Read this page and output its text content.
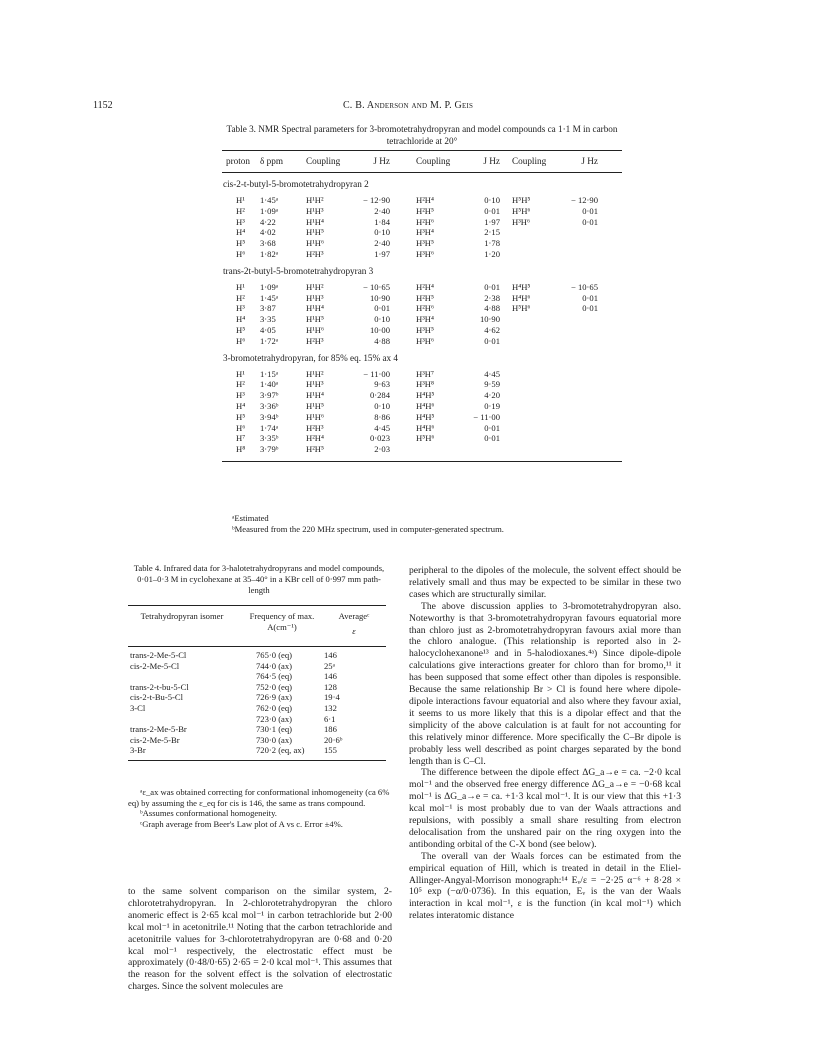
1152	C. B. Anderson and M. P. Geis
Table 3. NMR Spectral parameters for 3-bromotetrahydropyran and model compounds ca 1·1 M in carbon tetrachloride at 20°
proton	δ ppm	Coupling	J Hz	Coupling	J Hz Coupling	J Hz
cis-2-t-butyl-5-bromotetrahydropyran 2
H¹	1·45ᵃ	H¹H²	− 12·90	H²H⁴	0·10 H⁵H⁵	− 12·90
H²	1·09ᵃ	H¹H³	2·40	H²H⁵	0·01 H⁵H⁶	0·01
H³	4·22	H¹H⁴	1·84	H²H⁶	1·97 H³H⁶	0·01
H⁴	4·02	H¹H⁵	0·10	H³H⁴	2·15
H⁵	3·68	H¹H⁶	2·40	H³H⁵	1·78
H⁶	1·82ᵃ	H²H³	1·97	H³H⁶	1·20
trans-2t-butyl-5-bromotetrahydropyran 3
H¹	1·09ᵃ	H¹H²	− 10·65	H²H⁴	0·01 H⁴H⁵	− 10·65
H²	1·45ᵃ	H¹H³	10·90	H²H⁵	2·38 H⁴H⁶	0·01
H³	3·87	H¹H⁴	0·01	H²H⁶	4·88 H⁵H⁶	0·01
H⁴	3·35	H¹H⁵	0·10	H³H⁴	10·90
H⁵	4·05	H¹H⁶	10·00	H³H⁵	4·62
H⁶	1·72ᵃ	H²H³	4·88	H³H⁶	0·01
3-bromotetrahydropyran, for 85% eq. 15% ax 4
H¹	1·15ᵃ	H¹H²	− 11·00	H³H⁷	4·45
H²	1·40ᵃ	H¹H³	9·63	H³H⁸	9·59
H³	3·97ᵇ	H¹H⁴	0·284	H⁴H⁵	4·20
H⁴	3·36ᵇ	H¹H⁵	0·10	H⁴H⁶	0·19
H⁵	3·94ᵇ	H¹H⁶	8·86	H⁴H⁵	− 11·00
H⁶	1·74ᵃ	H²H³	4·45	H⁴H⁶	0·01
H⁷	3·35ᵇ	H²H⁴	0·023	H⁵H⁶	0·01
H⁸	3·79ᵇ	H²H⁵	2·03
ᵃEstimated
ᵇMeasured from the 220 MHz spectrum, used in computer-generated spectrum.
Table 4. Infrared data for 3-halotetrahydropyrans and model compounds, 0·01–0·3 M in cyclohexane at 35–40° in a KBr cell of 0·997 mm path-length
Tetrahydropyran isomer	Frequency of max. A(cm⁻¹)
Averageᶜ
ε
trans-2-Me-5-Cl	765·0 (eq)	146
cis-2-Me-5-Cl	744·0 (ax)	25ᵃ
764·5 (eq)	146
trans-2-t-bu-5-Cl	752·0 (eq)	128
cis-2-t-Bu-5-Cl	726·9 (ax)	19·4
3-Cl	762·0 (eq)	132
723·0 (ax)	6·1
trans-2-Me-5-Br	730·1 (eq)	186
cis-2-Me-5-Br	730·0 (ax)	20·6ᵇ
3-Br	720·2 (eq, ax)	155
ᵃε_ax was obtained correcting for conformational inhomogeneity (ca 6% eq) by assuming the ε_eq for cis is 146, the same as trans compound.
ᵇAssumes conformational homogeneity.
ᶜGraph average from Beer's Law plot of A vs c. Error ±4%.

to the same solvent comparison on the similar system, 2-chlorotetrahydropyran. In 2-chlorotetrahydropyran the chloro anomeric effect is 2·65 kcal mol⁻¹ in carbon tetrachloride but 2·00 kcal mol⁻¹ in acetonitrile.¹¹ Noting that the carbon tetrachloride and acetonitrile values for 3-chlorotetrahydropyran are 0·68 and 0·20 kcal mol⁻¹ respectively, the electrostatic effect must be approximately (0·48/0·65) 2·65 = 2·0 kcal mol⁻¹. This assumes that the reason for the solvent effect is the solvation of electrostatic charges. Since the solvent molecules are

peripheral to the dipoles of the molecule, the solvent effect should be relatively small and thus may be expected to be similar in these two cases which are structurally similar.

The above discussion applies to 3-bromotetrahydropyran also. Noteworthy is that 3-bromotetrahydropyran favours equatorial more than chloro just as 2-bromotetrahydropyran favours axial more than the chloro analogue. (This relationship is reported also in 2-halocyclohexanone¹³ and in 5-halodioxanes.⁴ᵃ) Since dipole-dipole calculations give interactions greater for chloro than for bromo,¹¹ it has been supposed that some effect other than dipoles is responsible. Because the same relationship Br > Cl is found here where dipole-dipole interactions favour equatorial and also where they favour axial, it seems to us more likely that this is a dipolar effect and that the simplicity of the above calculation is at fault for not accounting for this relatively minor difference. More specifically the C–Br dipole is probably less well described as point charges separated by the bond length than is C–Cl.

The difference between the dipole effect ΔG_a→e = ca. −2·0 kcal mol⁻¹ and the observed free energy difference ΔG_a→e = −0·68 kcal mol⁻¹ is ΔG_a→e = ca. +1·3 kcal mol⁻¹. It is our view that this +1·3 kcal mol⁻¹ is most probably due to van der Waals attractions and repulsions, with possibly a small share resulting from electron delocalisation from the unshared pair on the ring oxygen into the antibonding orbital of the C-X bond (see below).

The overall van der Waals forces can be estimated from the empirical equation of Hill, which is treated in detail in the Eliel-Allinger-Angyal-Morrison monograph:¹⁴ Eᵥ/ε = −2·25 α⁻⁶ + 8·28 × 10⁵ exp (−α/0·0736). In this equation, Eᵥ is the van der Waals interaction in kcal mol⁻¹, ε is the function (in kcal mol⁻¹) which relates interatomic distance
